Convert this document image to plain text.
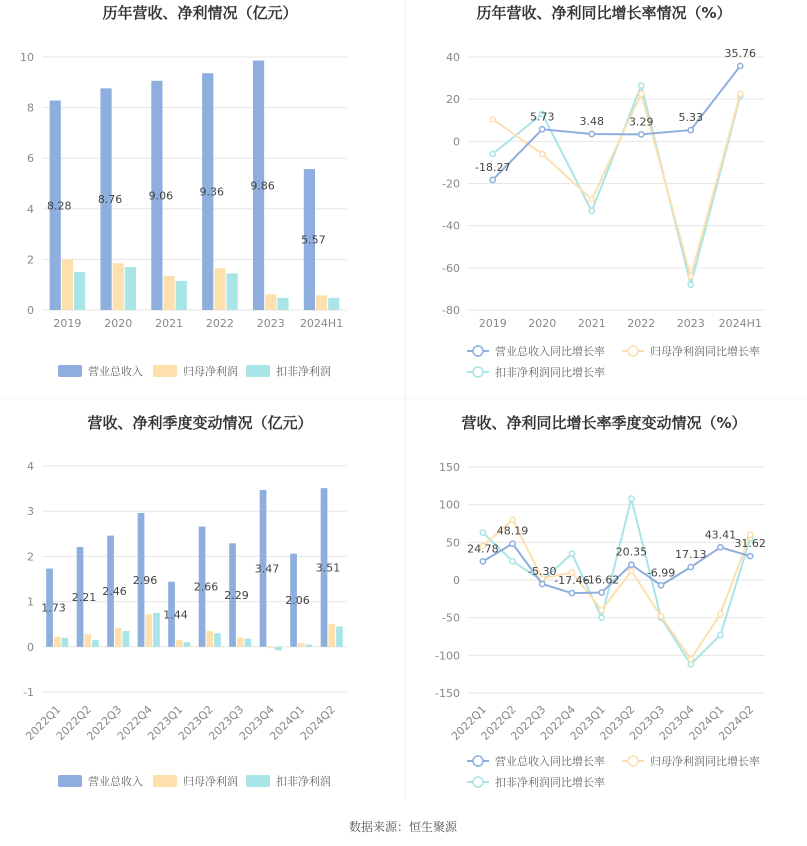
历年营收、净利情况（亿元）
0
2
4
6
8
10
2019 2020 2021 2022 2023 2024H1
8.28 8.76 9.06 9.36 9.86
5.57
营业总收入	归母净利润	扣非净利润
历年营收、净利同比增长率情况（%）
-80
-60
-40
-20
0
20
40
2019 2020 2021 2022 2023 2024H1
-18.27
5.73 3.48 3.29 5.33
35.76
营业总收入同比增长率	归母净利润同比增长率
扣非净利润同比增长率
营收、净利季度变动情况（亿元）
-1
0
1
2
3
4
2022Q1
2022Q2
2022Q3
2022Q4
2023Q1
2023Q2
2023Q3
2023Q4
2024Q1
2024Q2
1.73
2.21 2.46
2.96
1.44
2.66
2.29
3.47
2.06
3.51
营业总收入	归母净利润	扣非净利润
营收、净利同比增长率季度变动情况（%）
-150
-100
-50
0
50
100
150
2022Q1
2022Q2
2022Q3
2022Q4
2023Q1
2023Q2
2023Q3
2023Q4
2024Q1
2024Q2
24.78
48.19
-5.30
-17.46
-16.62
20.35
-6.99
17.13
43.41
31.62
营业总收入同比增长率	归母净利润同比增长率
扣非净利润同比增长率
数据来源：恒生聚源
